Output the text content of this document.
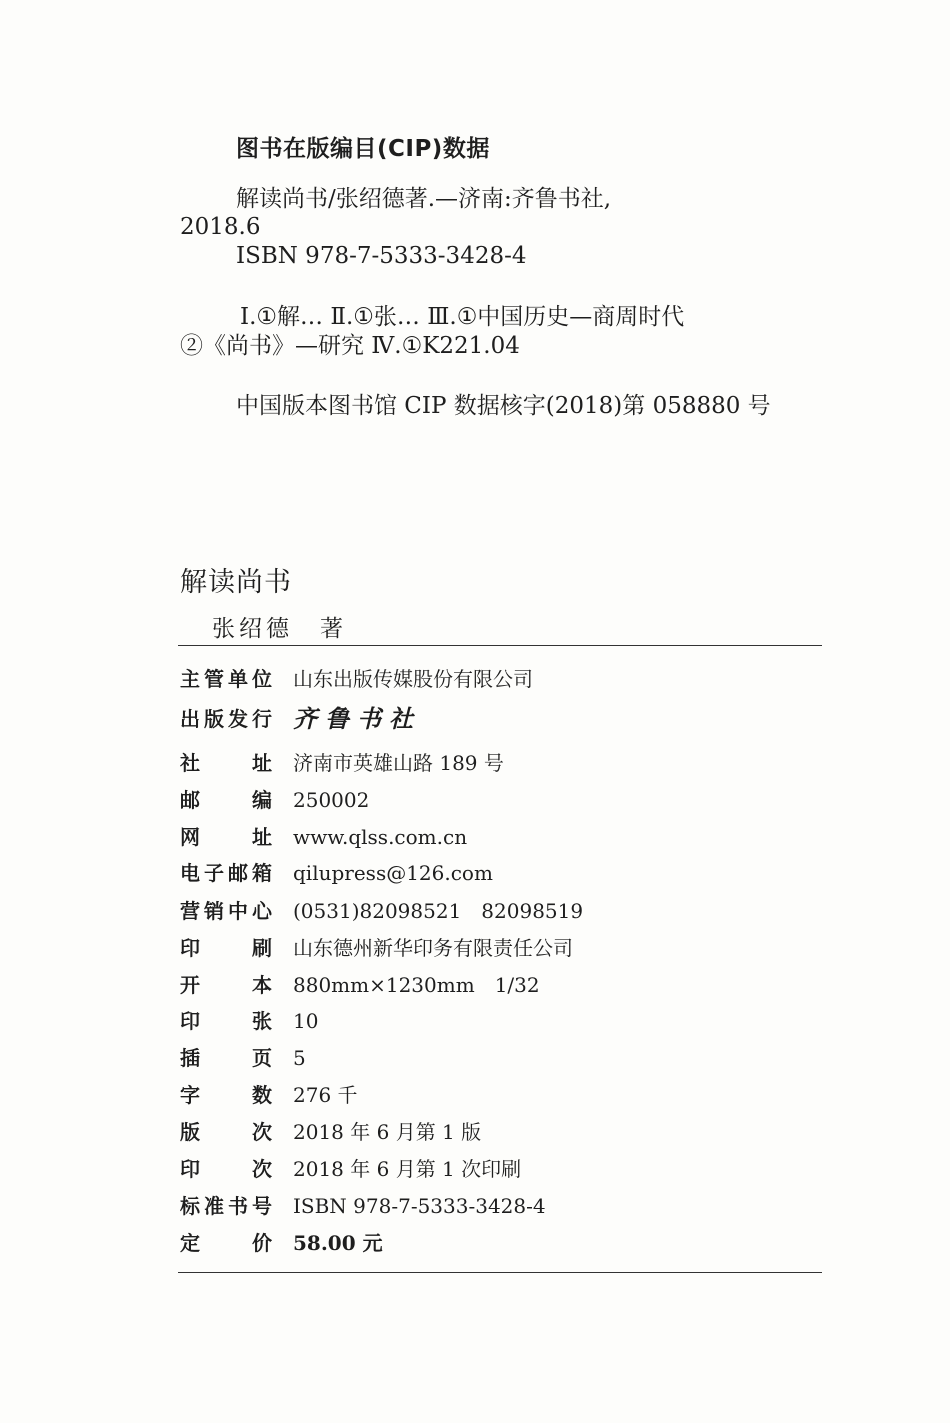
图书在版编目(CIP)数据
解读尚书/张绍德著.—济南:齐鲁书社,
2018.6
ISBN 978-7-5333-3428-4
Ⅰ.①解… Ⅱ.①张… Ⅲ.①中国历史—商周时代
②《尚书》—研究 Ⅳ.①K221.04
中国版本图书馆 CIP 数据核字(2018)第 058880 号
解读尚书
张绍德　著
主 管 单 位 山东出版传媒股份有限公司
出 版 发 行 齐鲁书社
社	址 济南市英雄山路 189 号
邮	编 250002
网	址 www.qlss.com.cn
电 子 邮 箱 qilupress@126.com
营 销 中 心 (0531)82098521　82098519
印	刷 山东德州新华印务有限责任公司
开	本 880mm×1230mm　1/32
印	张 10
插	页 5
字	数 276 千
版	次 2018 年 6 月第 1 版
印	次 2018 年 6 月第 1 次印刷
标 准 书 号 ISBN 978-7-5333-3428-4
定	价 58.00 元
